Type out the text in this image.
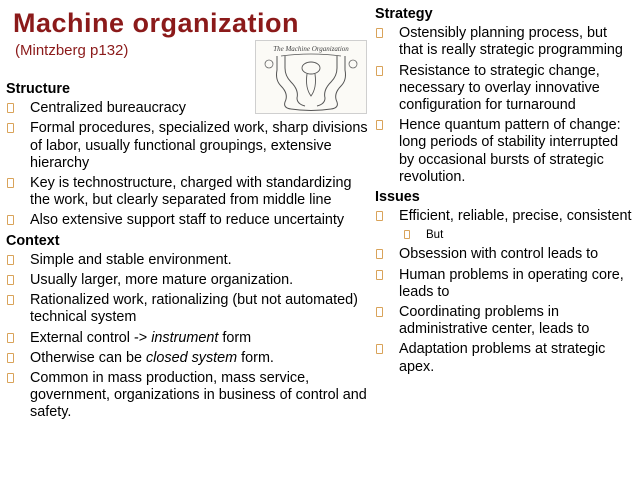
Machine organization
(Mintzberg p132)	The Machine Organization
Structure
Centralized bureaucracy
Formal procedures, specialized work, sharp divisions of labor, usually functional groupings, extensive hierarchy
Key is technostructure, charged with standardizing the work, but clearly separated from middle line
Also extensive support staff to reduce uncertainty
Context
Simple and stable environment.
Usually larger, more mature organization.
Rationalized work, rationalizing (but not automated) technical system
External control -> instrument form
Otherwise can be closed system form.
Common in mass production, mass service, government, organizations in business of control and safety.
Strategy
Ostensibly planning process, but that is really strategic programming
Resistance to strategic change, necessary to overlay innovative configuration for turnaround
Hence quantum pattern of change: long periods of stability interrupted by occasional bursts of strategic revolution.
Issues
Efficient, reliable, precise, consistent
But
Obsession with control leads to
Human problems in operating core, leads to
Coordinating problems in administrative center, leads to
Adaptation problems at strategic apex.
